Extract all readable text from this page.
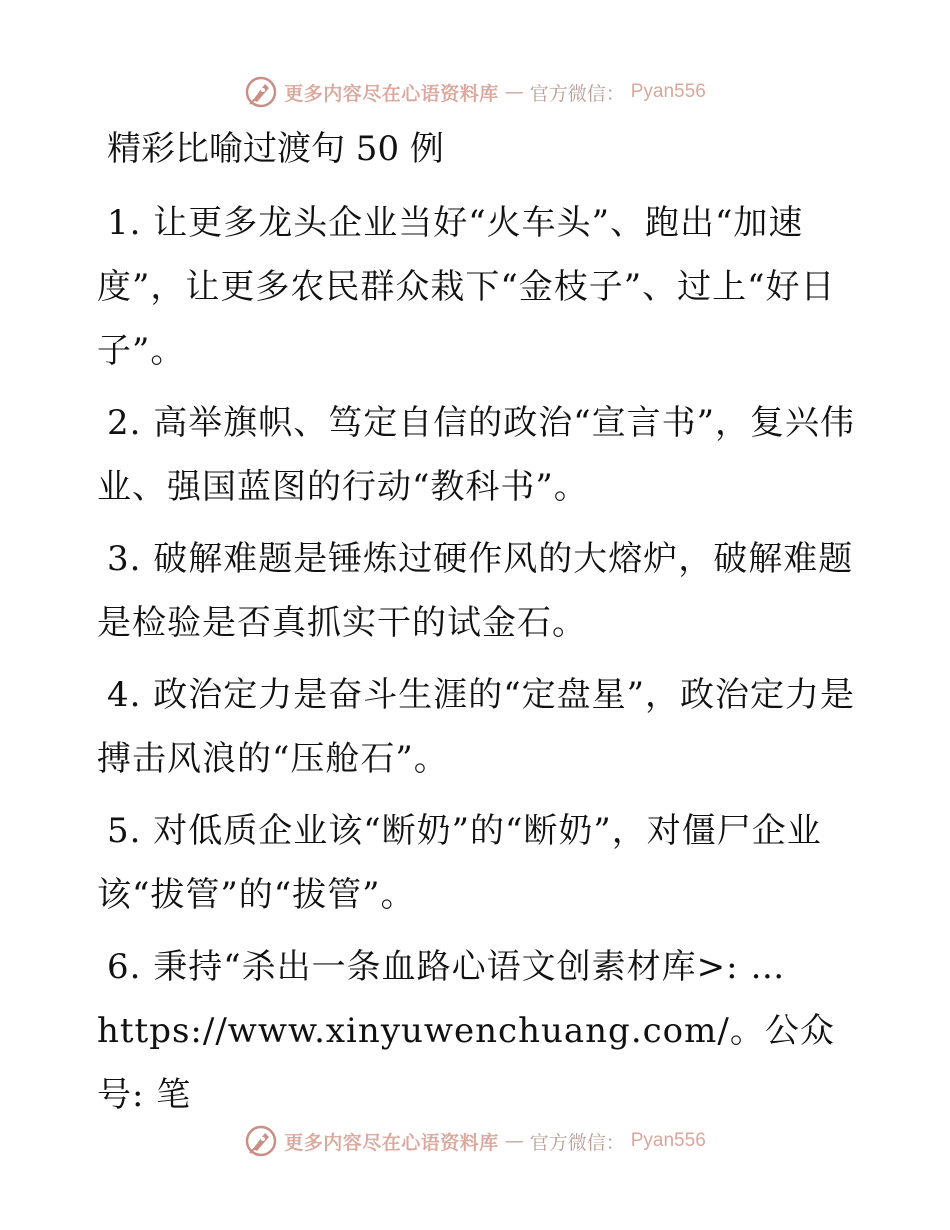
更多内容尽在心语资料库 — 官方微信： Pyan556
精彩比喻过渡句 50 例

1. 让更多龙头企业当好“火车头”、跑出“加速度”，让更多农民群众栽下“金枝子”、过上“好日子”。

2. 高举旗帜、笃定自信的政治“宣言书”，复兴伟业、强国蓝图的行动“教科书”。

3. 破解难题是锤炼过硬作风的大熔炉，破解难题是检验是否真抓实干的试金石。

4. 政治定力是奋斗生涯的“定盘星”，政治定力是搏击风浪的“压舱石”。

5. 对低质企业该“断奶”的“断奶”，对僵尸企业该“拔管”的“拔管”。

6. 秉持“杀出一条血路心语文创素材库>: … https://www.xinyuwenchuang.com/。公众号: 笔

更多内容尽在心语资料库 — 官方微信： Pyan556
